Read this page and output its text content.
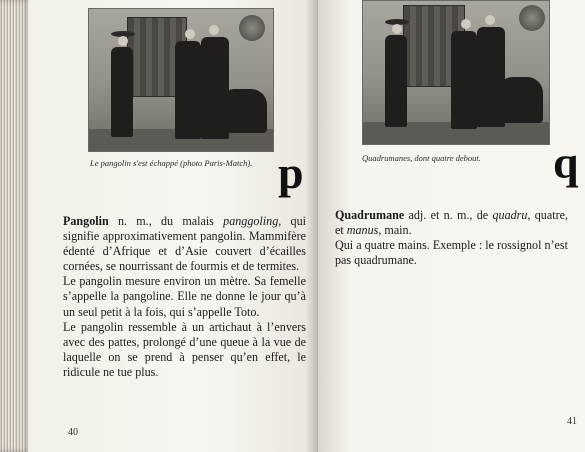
Le pangolin s'est échappé (photo Paris-Match). p

Pangolin n. m., du malais panggoling, qui signifie approximativement pangolin. Mammifère édenté d’Afrique et d’Asie couvert d’écailles cornées, se nourrissant de fourmis et de termites.

Le pangolin mesure environ un mètre. Sa femelle s’appelle la pangoline. Elle ne donne le jour qu’à un seul petit à la fois, qui s’appelle Toto.

Le pangolin ressemble à un artichaut à l’envers avec des pattes, prolongé d’une queue à la vue de laquelle on se prend à penser qu’en effet, le ridicule ne tue plus.

40
Quadrumanes, dont quatre debout. q

Quadrumane adj. et n. m., de quadru, quatre, et manus, main.

Qui a quatre mains. Exemple : le rossignol n’est pas quadrumane.

41
